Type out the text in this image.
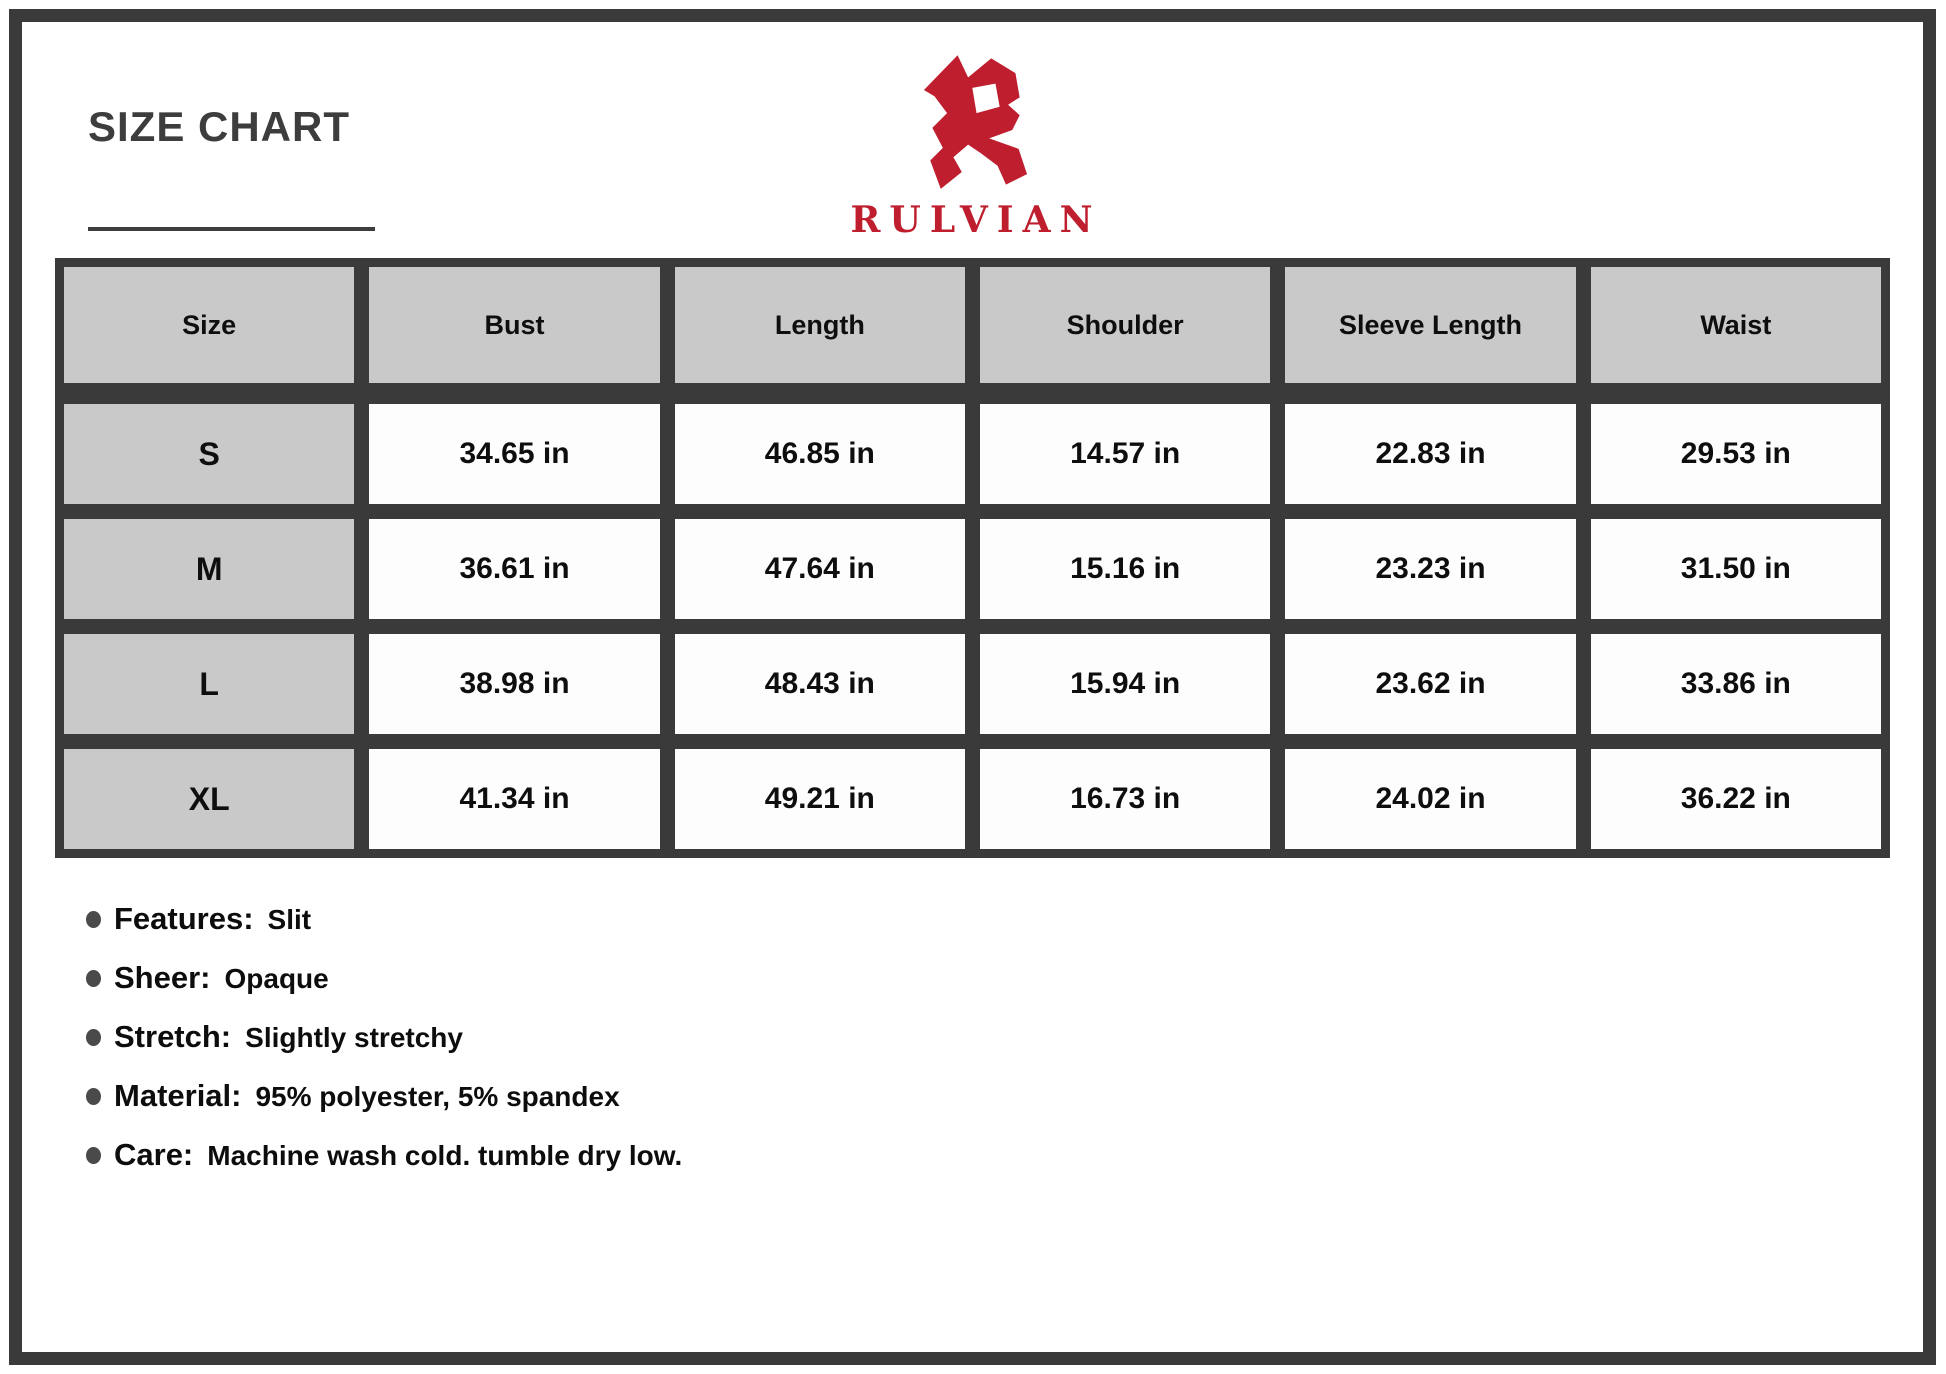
SIZE CHART
RULVIAN
Size	Bust	Length	Shoulder	Sleeve Length	Waist
S	34.65 in	46.85 in	14.57 in	22.83 in	29.53 in
M	36.61 in	47.64 in	15.16 in	23.23 in	31.50 in
L	38.98 in	48.43 in	15.94 in	23.62 in	33.86 in
XL	41.34 in	49.21 in	16.73 in	24.02 in	36.22 in
Features: Slit
Sheer: Opaque
Stretch: Slightly stretchy
Material: 95% polyester, 5% spandex
Care: Machine wash cold. tumble dry low.
